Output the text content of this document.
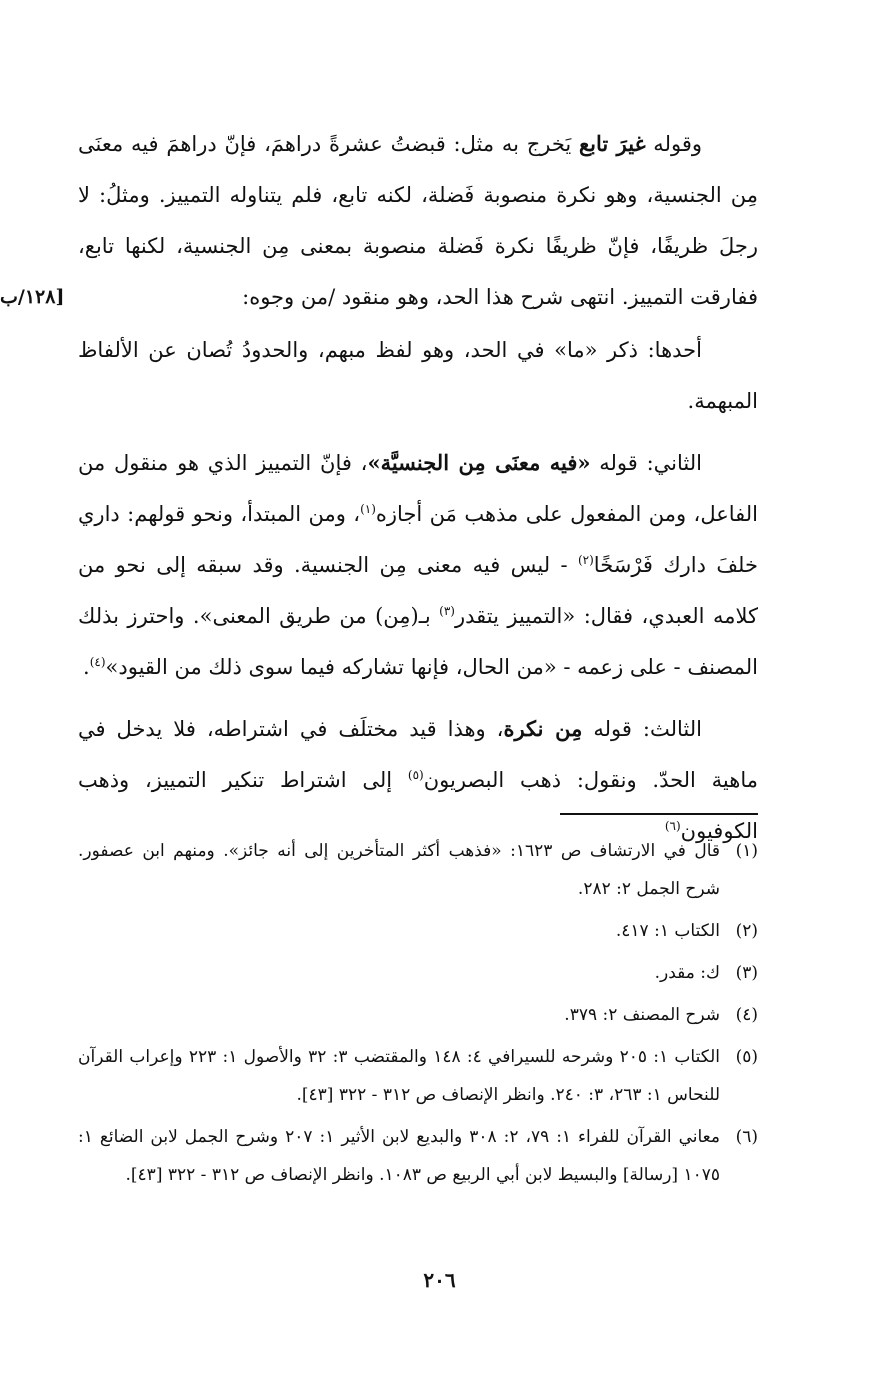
[١٢٨/ب

وقوله غيرَ تابع يَخرج به مثل: قبضتُ عشرةً دراهمَ، فإنّ دراهمَ فيه معنَى مِن الجنسية، وهو نكرة منصوبة فَضلة، لكنه تابع، فلم يتناوله التمييز. ومثلُ: لا رجلَ ظريفًا، فإنّ ظريفًا نكرة فَضلة منصوبة بمعنى مِن الجنسية، لكنها تابع، ففارقت التمييز. انتهى شرح هذا الحد، وهو منقود /من وجوه:

أحدها: ذكر «ما» في الحد، وهو لفظ مبهم، والحدودُ تُصان عن الألفاظ المبهمة.

الثاني: قوله «فيه معنَى مِن الجنسيَّة»، فإنّ التمييز الذي هو منقول من الفاعل، ومن المفعول على مذهب مَن أجازه$^{(١)}$، ومن المبتدأ، ونحو قولهم: داري خلفَ دارك فَرْسَخًا$^{(٢)}$ - ليس فيه معنى مِن الجنسية. وقد سبقه إلى نحو من كلامه العبدي، فقال: «التمييز يتقدر$^{(٣)}$ بـ(مِن) من طريق المعنى». واحترز بذلك المصنف - على زعمه - «من الحال، فإنها تشاركه فيما سوى ذلك من القيود»$^{(٤)}$.

الثالث: قوله مِن نكرة، وهذا قيد مختلَف في اشتراطه، فلا يدخل في ماهية الحدّ. ونقول: ذهب البصريون$^{(٥)}$ إلى اشتراط تنكير التمييز، وذهب الكوفيون$^{(٦)}$

(١)
قال في الارتشاف ص ١٦٢٣: «فذهب أكثر المتأخرين إلى أنه جائز». ومنهم ابن عصفور. شرح الجمل ٢: ٢٨٢.
(٢)
الكتاب ١: ٤١٧.
(٣)
ك: مقدر.
(٤)
شرح المصنف ٢: ٣٧٩.
(٥)
الكتاب ١: ٢٠٥ وشرحه للسيرافي ٤: ١٤٨ والمقتضب ٣: ٣٢ والأصول ١: ٢٢٣ وإعراب القرآن للنحاس ١: ٢٦٣، ٣: ٢٤٠. وانظر الإنصاف ص ٣١٢ - ٣٢٢ [٤٣].
(٦)
معاني القرآن للفراء ١: ٧٩، ٢: ٣٠٨ والبديع لابن الأثير ١: ٢٠٧ وشرح الجمل لابن الضائع ١: ١٠٧٥ [رسالة] والبسيط لابن أبي الربيع ص ١٠٨٣. وانظر الإنصاف ص ٣١٢ - ٣٢٢ [٤٣].
٢٠٦
